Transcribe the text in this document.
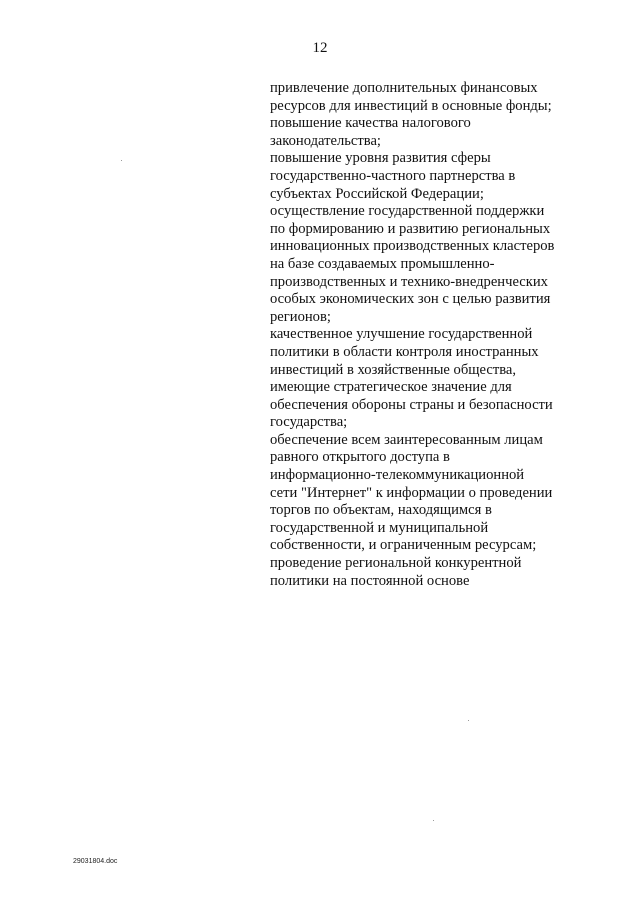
12
привлечение дополнительных финансовых
ресурсов для инвестиций в основные фонды;
повышение качества налогового
законодательства;
повышение уровня развития сферы
государственно-частного партнерства в
субъектах Российской Федерации;
осуществление государственной поддержки
по формированию и развитию региональных
инновационных производственных кластеров
на базе создаваемых промышленно-
производственных и технико-внедренческих
особых экономических зон с целью развития
регионов;
качественное улучшение государственной
политики в области контроля иностранных
инвестиций в хозяйственные общества,
имеющие стратегическое значение для
обеспечения обороны страны и безопасности
государства;
обеспечение всем заинтересованным лицам
равного открытого доступа в
информационно-телекоммуникационной
сети "Интернет" к информации о проведении
торгов по объектам, находящимся в
государственной и муниципальной
собственности, и ограниченным ресурсам;
проведение региональной конкурентной
политики на постоянной основе
29031804.doc
